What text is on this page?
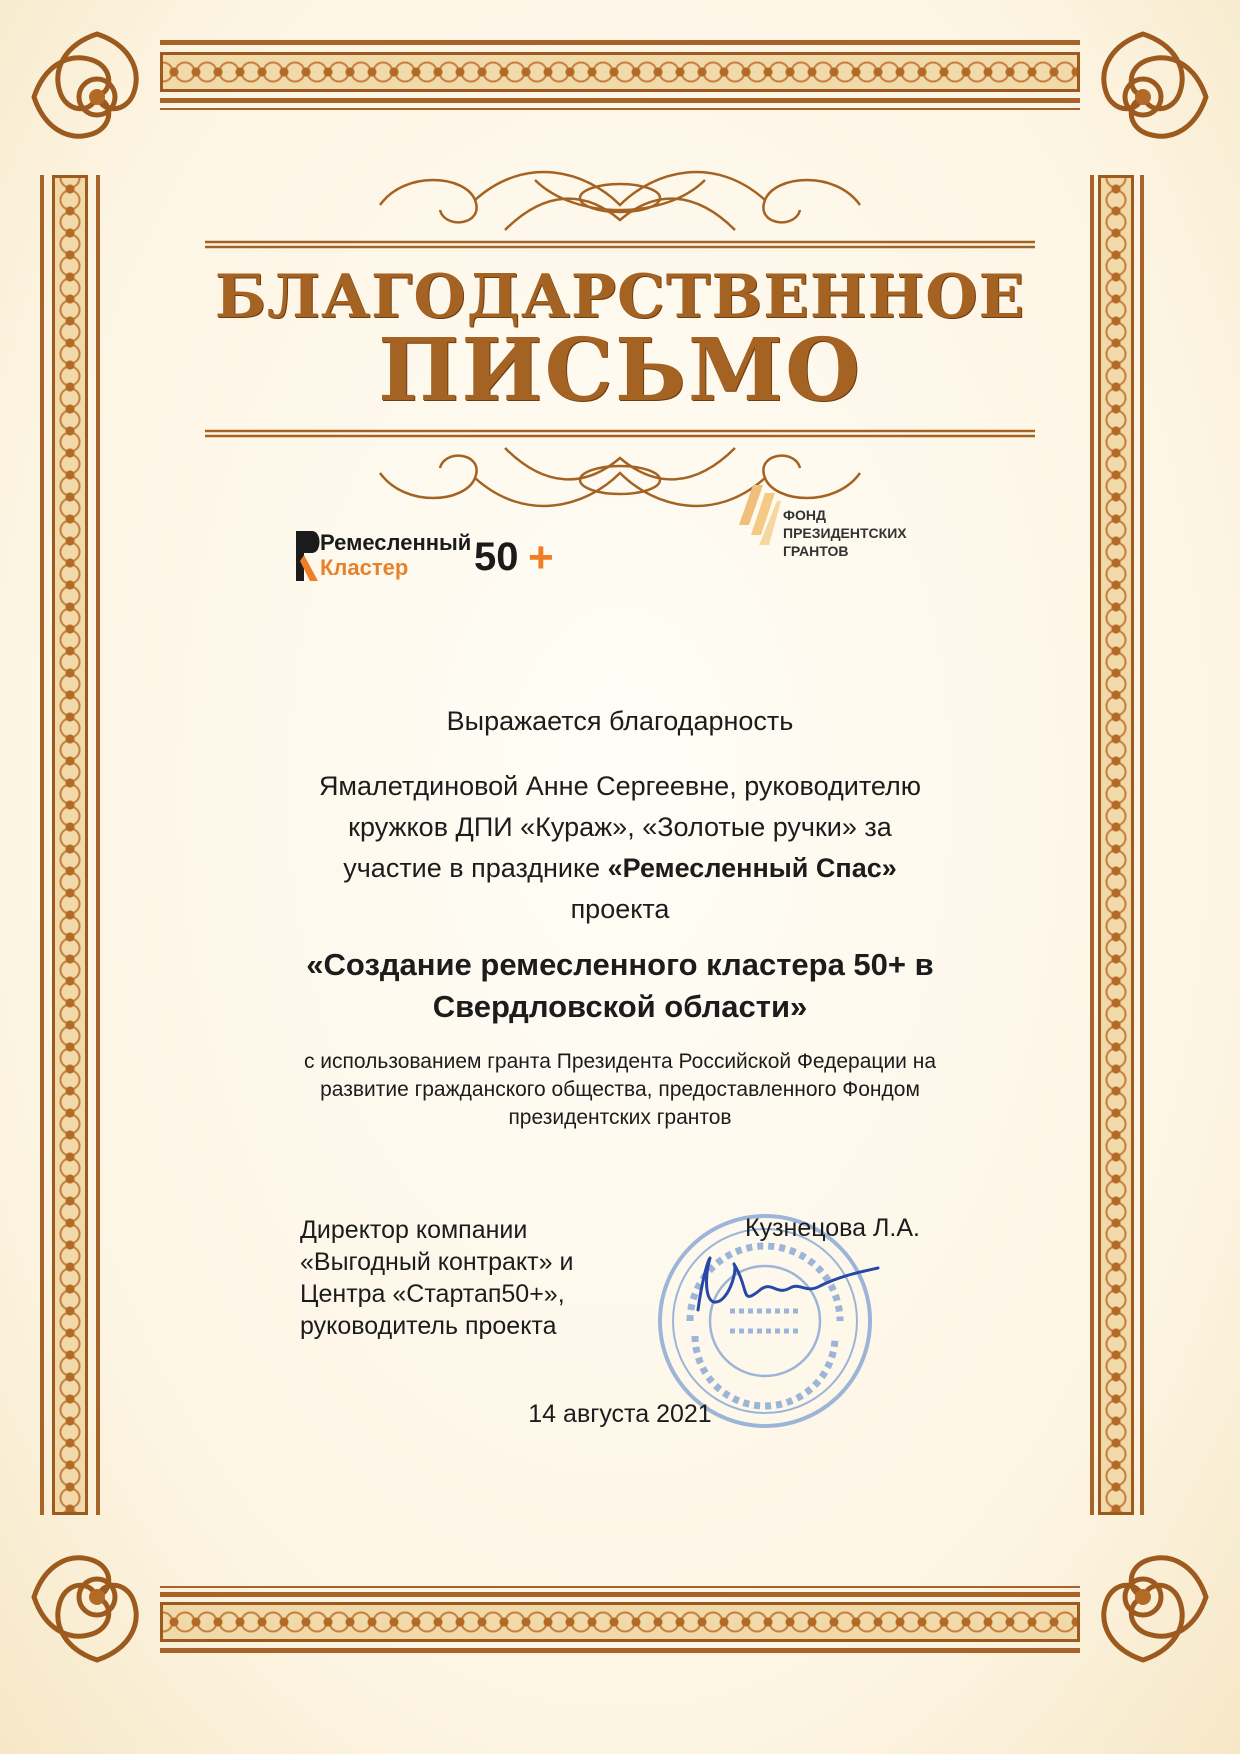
БЛАГОДАРСТВЕННОЕ
ПИСЬМО
Ремесленный
Кластер 50 +
ФОНД
ПРЕЗИДЕНТСКИХ
ГРАНТОВ

Выражается благодарность

Ямалетдиновой Анне Сергеевне, руководителю
кружков ДПИ «Кураж», «Золотые ручки» за
участие в празднике «Ремесленный Спас»
проекта
«Создание ремесленного кластера 50+ в
Свердловской области»
с использованием гранта Президента Российской Федерации на
развитие гражданского общества, предоставленного Фондом
президентских грантов
Директор компании
«Выгодный контракт» и
Центра «Стартап50+»,
руководитель проекта

Кузнецова Л.А.

14 августа 2021
